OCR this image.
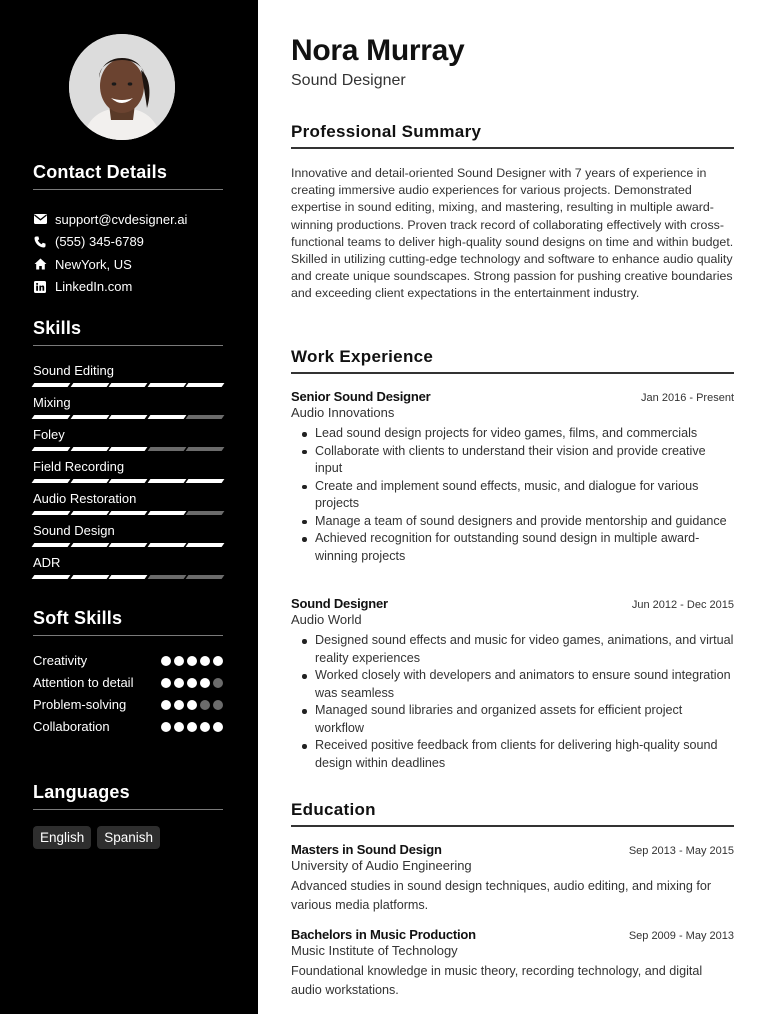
Contact Details
support@cvdesigner.ai
(555) 345-6789
NewYork, US
LinkedIn.com
Skills
Sound Editing
Mixing
Foley
Field Recording
Audio Restoration
Sound Design
ADR
Soft Skills
Creativity
Attention to detail
Problem-solving
Collaboration
Languages
English	Spanish
Nora Murray
Sound Designer
Professional Summary
Innovative and detail-oriented Sound Designer with 7 years of experience in creating immersive audio experiences for various projects. Demonstrated expertise in sound editing, mixing, and mastering, resulting in multiple award-winning productions. Proven track record of collaborating effectively with cross-functional teams to deliver high-quality sound designs on time and within budget. Skilled in utilizing cutting-edge technology and software to enhance audio quality and create unique soundscapes. Strong passion for pushing creative boundaries and exceeding client expectations in the entertainment industry.
Work Experience
Senior Sound Designer	Jan 2016 - Present
Audio Innovations
Lead sound design projects for video games, films, and commercials
Collaborate with clients to understand their vision and provide creative input
Create and implement sound effects, music, and dialogue for various projects
Manage a team of sound designers and provide mentorship and guidance
Achieved recognition for outstanding sound design in multiple award-winning projects
Sound Designer	Jun 2012 - Dec 2015
Audio World
Designed sound effects and music for video games, animations, and virtual reality experiences
Worked closely with developers and animators to ensure sound integration was seamless
Managed sound libraries and organized assets for efficient project workflow
Received positive feedback from clients for delivering high-quality sound design within deadlines
Education
Masters in Sound Design	Sep 2013 - May 2015
University of Audio Engineering
Advanced studies in sound design techniques, audio editing, and mixing for various media platforms.
Bachelors in Music Production	Sep 2009 - May 2013
Music Institute of Technology
Foundational knowledge in music theory, recording technology, and digital audio workstations.
